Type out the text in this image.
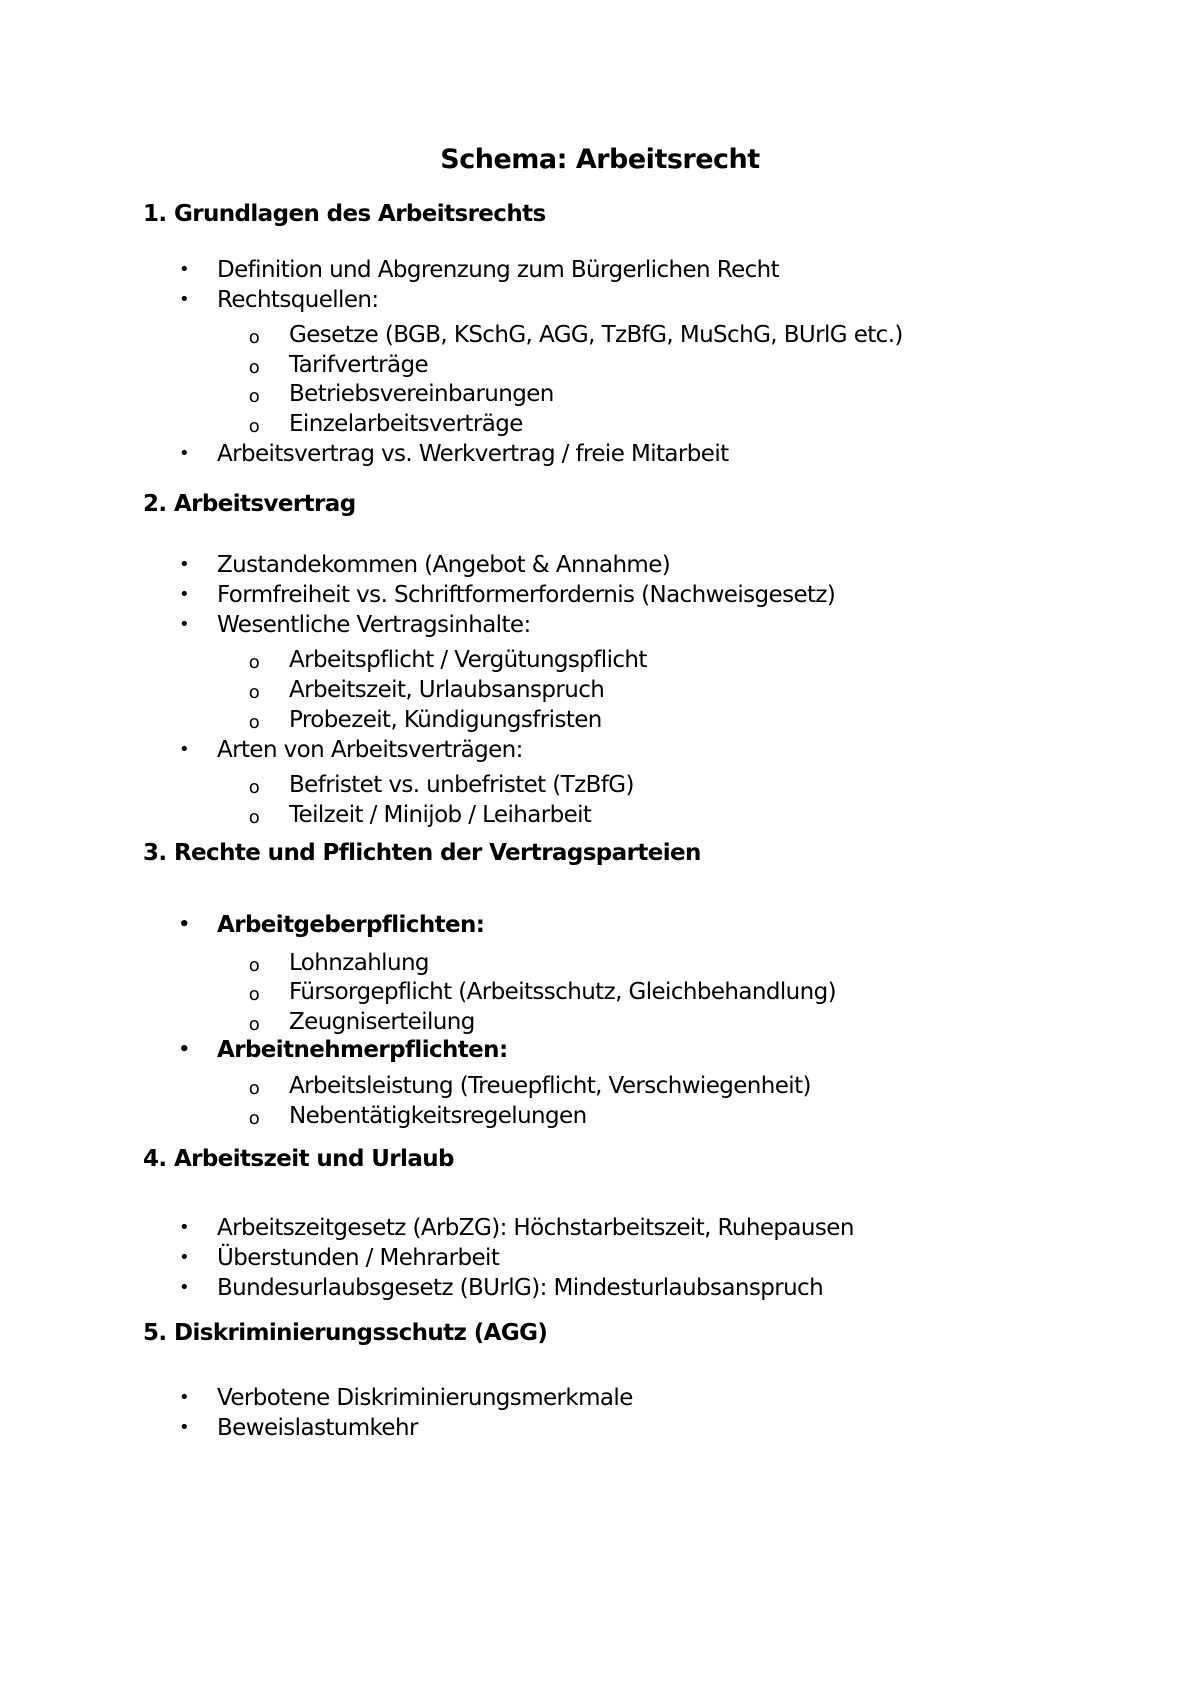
Schema: Arbeitsrecht
1. Grundlagen des Arbeitsrechts
• Definition und Abgrenzung zum Bürgerlichen Recht
• Rechtsquellen:
o Gesetze (BGB, KSchG, AGG, TzBfG, MuSchG, BUrlG etc.)
o Tarifverträge
o Betriebsvereinbarungen
o Einzelarbeitsverträge
• Arbeitsvertrag vs. Werkvertrag / freie Mitarbeit
2. Arbeitsvertrag
• Zustandekommen (Angebot & Annahme)
• Formfreiheit vs. Schriftformerfordernis (Nachweisgesetz)
• Wesentliche Vertragsinhalte:
o Arbeitspflicht / Vergütungspflicht
o Arbeitszeit, Urlaubsanspruch
o Probezeit, Kündigungsfristen
• Arten von Arbeitsverträgen:
o Befristet vs. unbefristet (TzBfG)
o Teilzeit / Minijob / Leiharbeit
3. Rechte und Pflichten der Vertragsparteien
• Arbeitgeberpflichten:
o Lohnzahlung
o Fürsorgepflicht (Arbeitsschutz, Gleichbehandlung)
o Zeugniserteilung
• Arbeitnehmerpflichten:
o Arbeitsleistung (Treuepflicht, Verschwiegenheit)
o Nebentätigkeitsregelungen
4. Arbeitszeit und Urlaub
• Arbeitszeitgesetz (ArbZG): Höchstarbeitszeit, Ruhepausen
• Überstunden / Mehrarbeit
• Bundesurlaubsgesetz (BUrlG): Mindesturlaubsanspruch
5. Diskriminierungsschutz (AGG)
• Verbotene Diskriminierungsmerkmale
• Beweislastumkehr
